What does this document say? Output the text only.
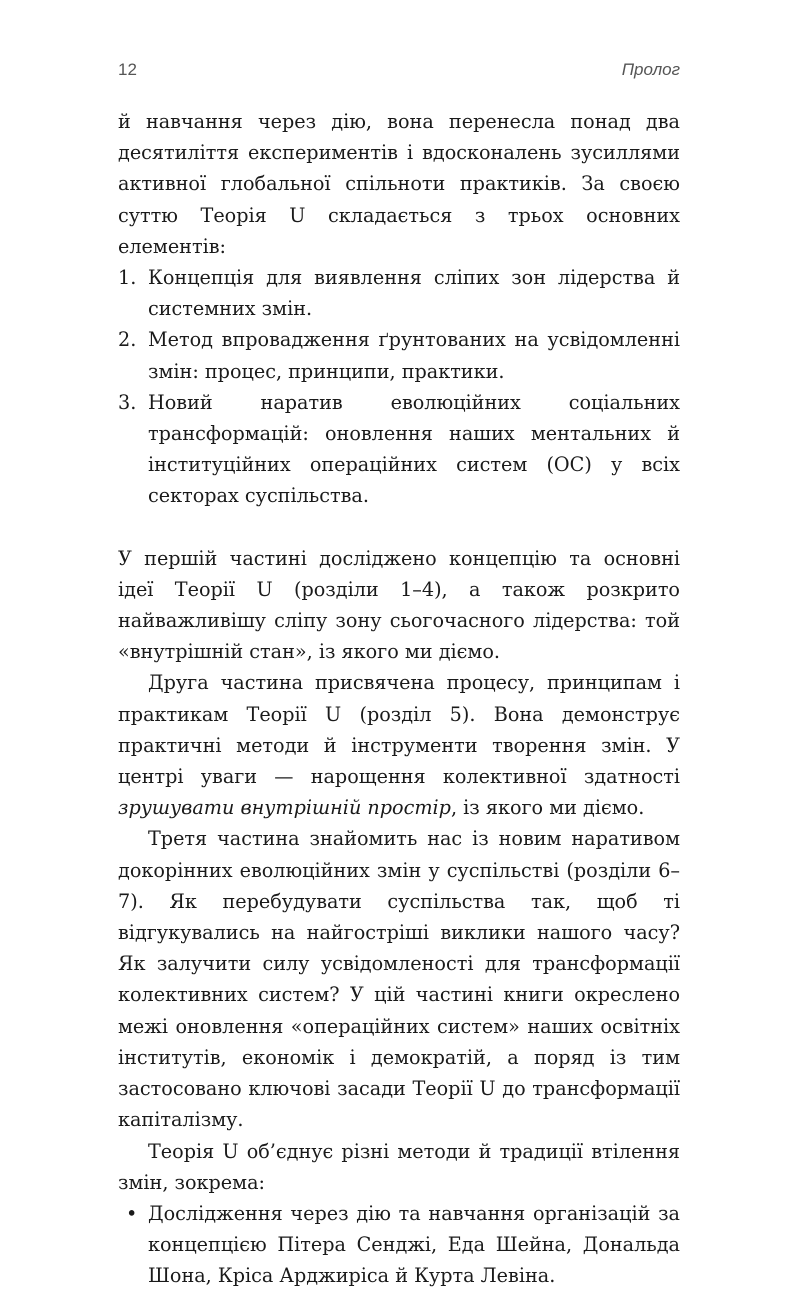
12	Пролог

й навчання через дію, вона перенесла понад два десятиліття експериментів і вдосконалень зусиллями активної глобальної спільноти практиків. За своєю суттю Теорія U складається з трьох основних елементів:

1. Концепція для виявлення сліпих зон лідерства й системних змін.
2. Метод впровадження ґрунтованих на усвідомленні змін: процес, принципи, практики.
3. Новий наратив еволюційних соціальних трансформацій: оновлення наших ментальних й інституційних операційних систем (ОС) у всіх секторах суспільства.

У першій частині досліджено концепцію та основні ідеї Теорії U (розділи 1–4), а також розкрито найважливішу сліпу зону сьогочасного лідерства: той «внутрішній стан», із якого ми діємо.

Друга частина присвячена процесу, принципам і практикам Теорії U (розділ 5). Вона демонструє практичні методи й інструменти творення змін. У центрі уваги — нарощення колективної здатності зрушувати внутрішній простір, із якого ми діємо.

Третя частина знайомить нас із новим наративом докорінних еволюційних змін у суспільстві (розділи 6–7). Як перебудувати суспільства так, щоб ті відгукувались на найгостріші виклики нашого часу? Як залучити силу усвідомленості для трансформації колективних систем? У цій частині книги окреслено межі оновлення «операційних систем» наших освітніх інститутів, економік і демократій, а поряд із тим застосовано ключові засади Теорії U до трансформації капіталізму.

Теорія U об’єднує різні методи й традиції втілення змін, зокрема:

• Дослідження через дію та навчання організацій за концепцією Пітера Сенджі, Еда Шейна, Дональда Шона, Кріса Арджиріса й Курта Левіна.
